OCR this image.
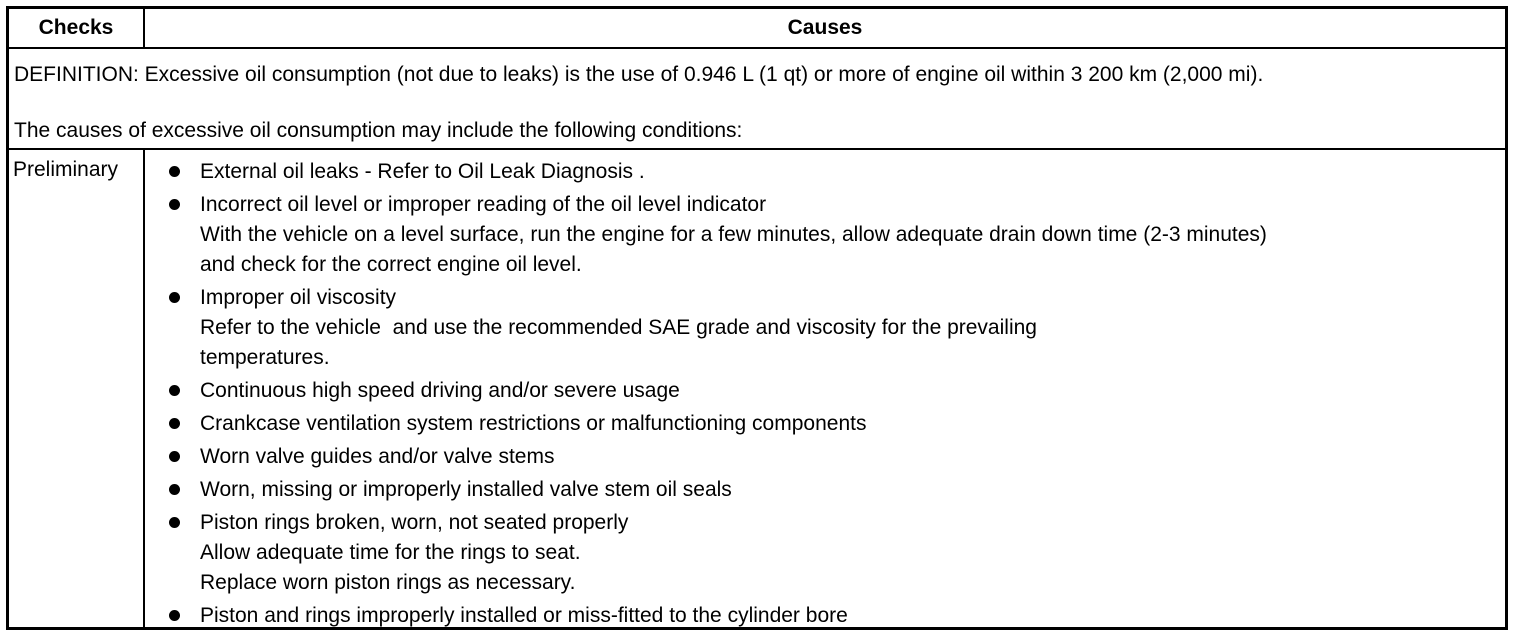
Checks	Causes
DEFINITION: Excessive oil consumption (not due to leaks) is the use of 0.946 L (1 qt) or more of engine oil within 3 200 km (2,000 mi).
The causes of excessive oil consumption may include the following conditions:
Preliminary	External oil leaks - Refer to Oil Leak Diagnosis .
Incorrect oil level or improper reading of the oil level indicator
With the vehicle on a level surface, run the engine for a few minutes, allow adequate drain down time (2-3 minutes)
and check for the correct engine oil level.
Improper oil viscosity
Refer to the vehicle  and use the recommended SAE grade and viscosity for the prevailing
temperatures.
Continuous high speed driving and/or severe usage
Crankcase ventilation system restrictions or malfunctioning components
Worn valve guides and/or valve stems
Worn, missing or improperly installed valve stem oil seals
Piston rings broken, worn, not seated properly
Allow adequate time for the rings to seat.
Replace worn piston rings as necessary.
Piston and rings improperly installed or miss-fitted to the cylinder bore
